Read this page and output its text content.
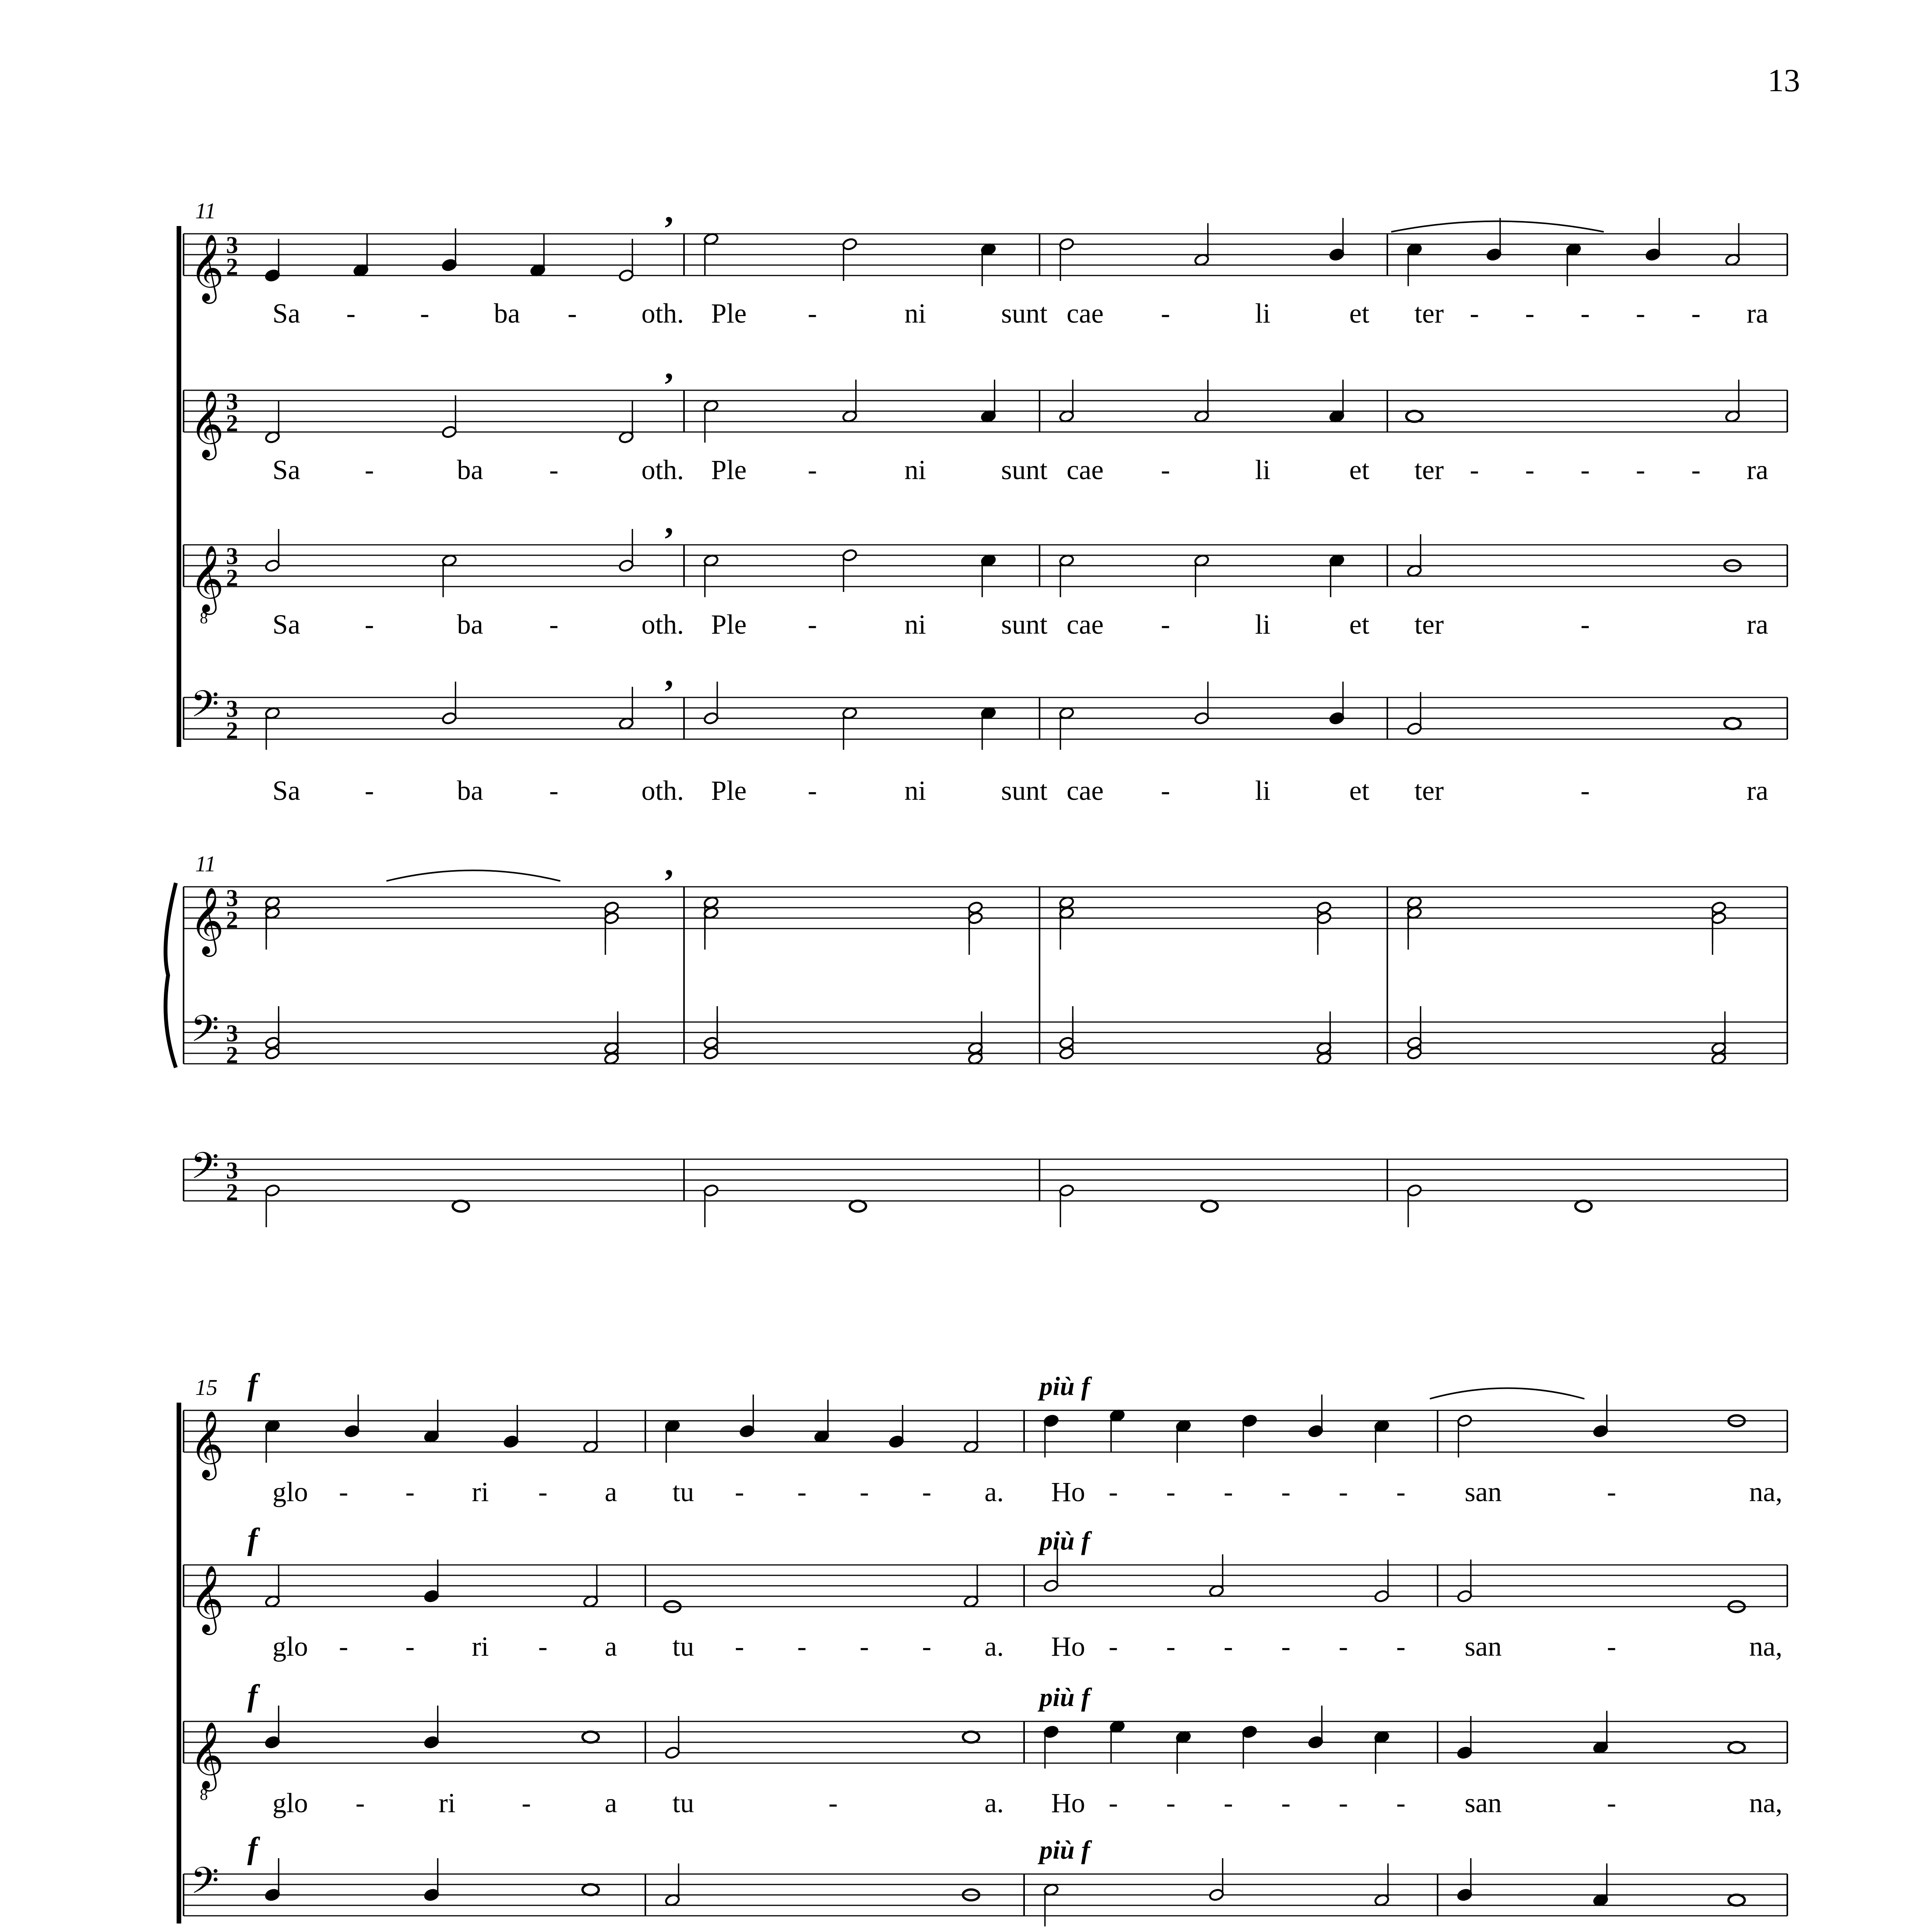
13
𝄞 3
2
Sa - - ba - oth. Ple -	ni	sunt cae -	li	et ter - - - - - ra
𝄞 3
2
Sa -	ba -	oth. Ple -	ni	sunt cae -	li	et ter - - - - - ra
𝄞
8
3
2
Sa -	ba -	oth. Ple -	ni	sunt cae -	li	et ter	-	ra
𝄢 3
2
Sa -	ba -	oth. Ple -	ni	sunt cae -	li	et ter	-	ra
11
𝄞 3
2
𝄢 3
2
11
𝄢 3
2
𝄞
glo - - ri - a tu - - - - a. Ho - - - - - - san	-	na,
𝄞
glo - - ri - a tu - - - - a. Ho - - - - - - san	-	na,
𝄞
8 glo -	ri -	a tu	-	a. Ho - - - - - - san	-	na,
𝄢
15 f	più f
f	più f
f	più f
f	più f
,
,
,
,
,
